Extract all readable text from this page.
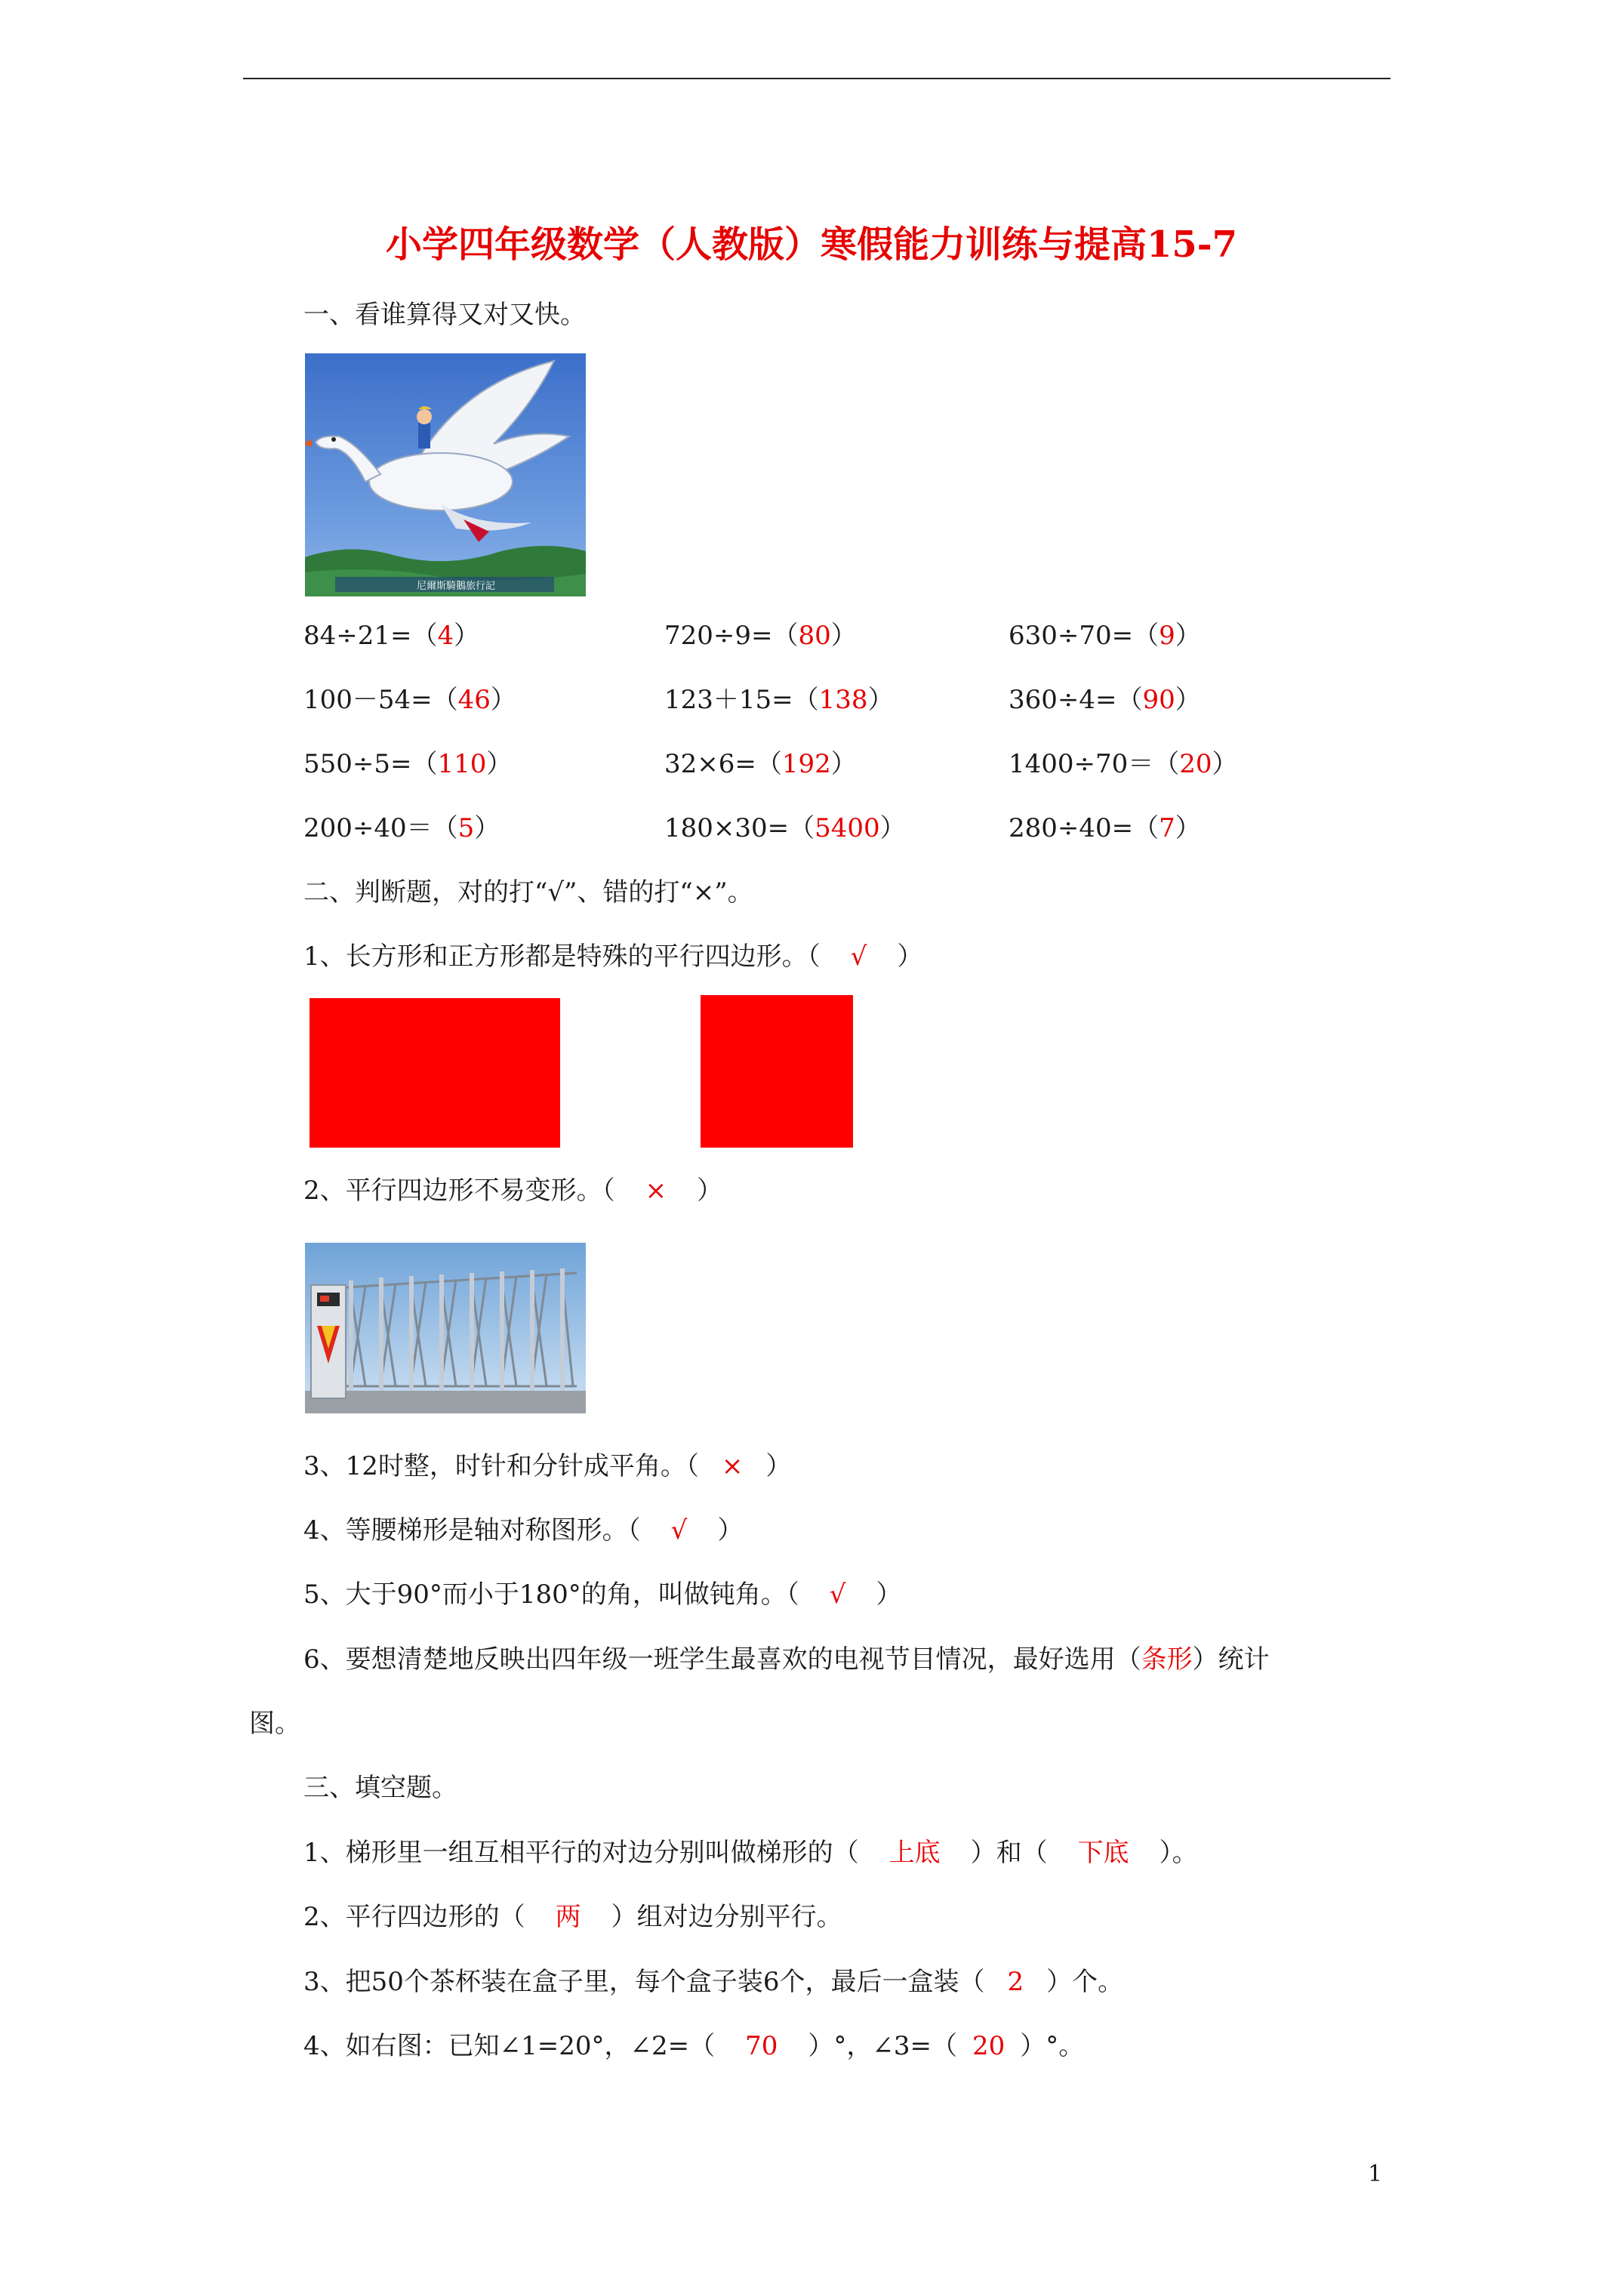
小学四年级数学（人教版）寒假能力训练与提高15-7
一、看谁算得又对又快。
尼爾斯騎鵝旅行記
84÷21=（4）	720÷9=（80）	630÷70=（9）
100－54=（46）	123＋15=（138）	360÷4=（90）
550÷5=（110）	32×6=（192）	1400÷70＝（20）
200÷40＝（5）	180×30=（5400）	280÷40=（7）
二、判断题，对的打“√”、错的打“×”。
1、长方形和正方形都是特殊的平行四边形。（ √ ）
2、平行四边形不易变形。（ × ）
3、12时整，时针和分针成平角。（ × ）
4、等腰梯形是轴对称图形。（ √ ）
5、大于90°而小于180°的角，叫做钝角。（ √ ）
6、要想清楚地反映出四年级一班学生最喜欢的电视节目情况，最好选用（条形）统计
图。
三、填空题。
1、梯形里一组互相平行的对边分别叫做梯形的（ 上底 ）和（ 下底 ）。
2、平行四边形的（ 两 ）组对边分别平行。
3、把50个茶杯装在盒子里，每个盒子装6个，最后一盒装（ 2 ）个。
4、如右图：已知∠1=20°，∠2=（ 70 ）°，∠3=（ 20 ）°。
1
